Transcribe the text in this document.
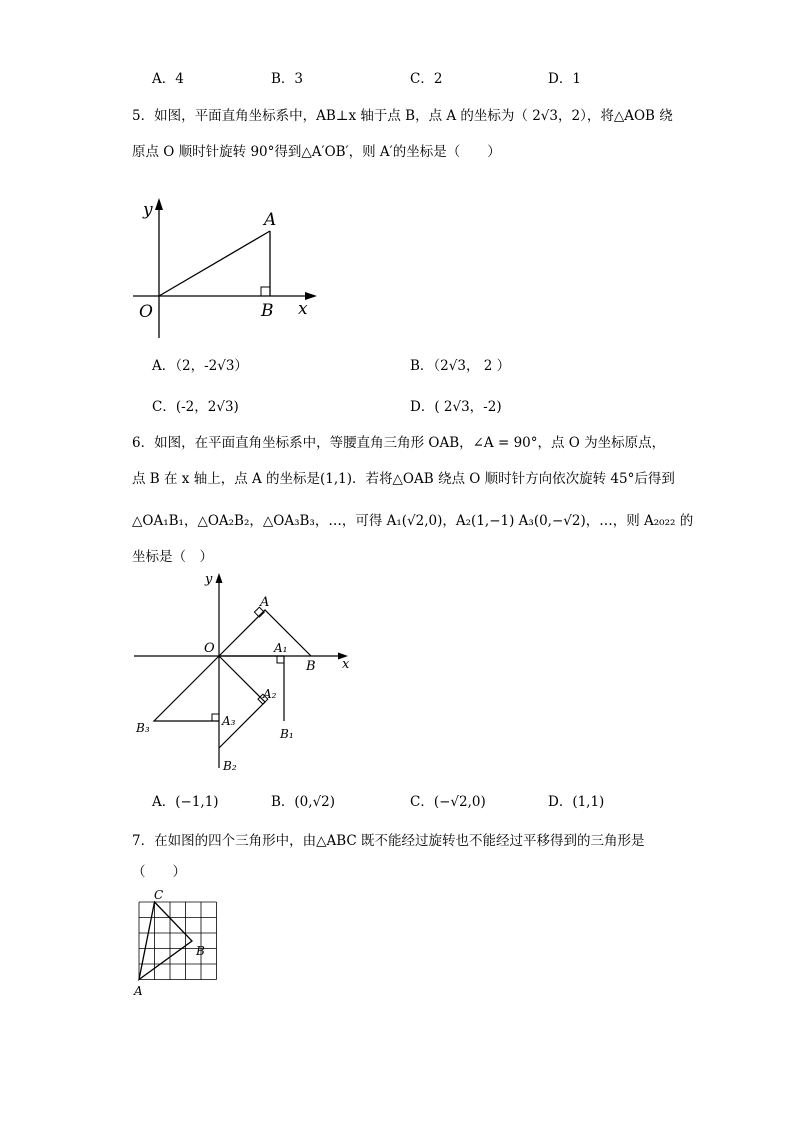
A．4	B．3	C．2	D．1
5．如图，平面直角坐标系中，AB⊥x 轴于点 B，点 A 的坐标为（ 2√3，2），将△AOB 绕
原点 O 顺时针旋转 90°得到△A′OB′，则 A′的坐标是（　　）
y
O
A
B x
A．（2，-2√3）	B．（2√3， 2 ）
C．(-2，2√3)	D．( 2√3，-2)
6．如图，在平面直角坐标系中，等腰直角三角形 OAB，∠A = 90°，点 O 为坐标原点，
点 B 在 x 轴上，点 A 的坐标是(1,1)．若将△OAB 绕点 O 顺时针方向依次旋转 45°后得到
△OA₁B₁，△OA₂B₂，△OA₃B₃，…，可得 A₁(√2,0)，A₂(1,−1) A₃(0,−√2)，…，则 A₂₀₂₂ 的
坐标是（　）
y
O
A
B x
A₁
B₁
A₂
B₂
A₃
B₃
A．(−1,1)	B．(0,√2)	C．(−√2,0)	D．(1,1)
7．在如图的四个三角形中，由△ABC 既不能经过旋转也不能经过平移得到的三角形是
（　　）
C
B
A
